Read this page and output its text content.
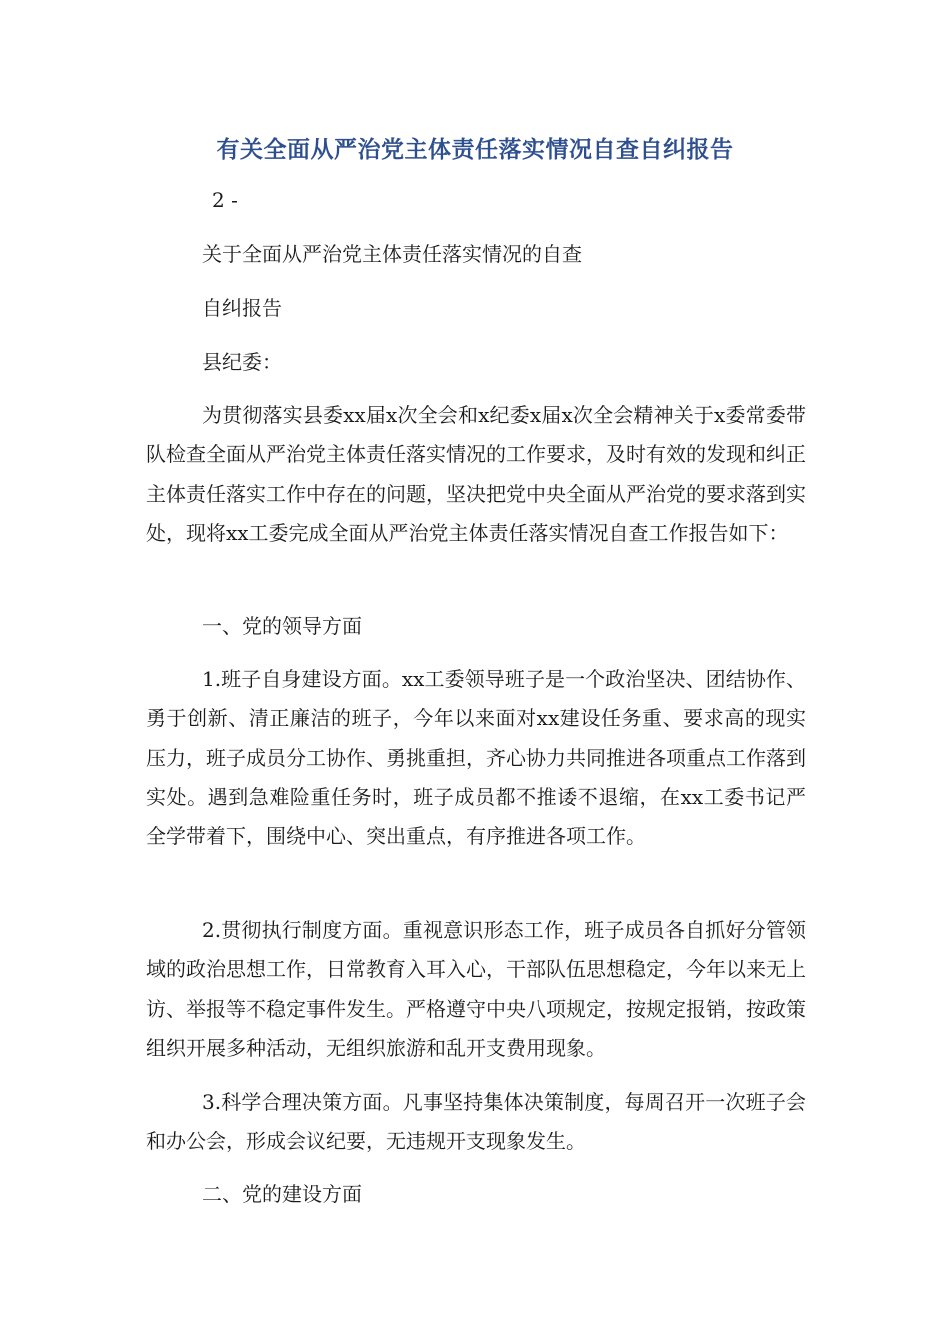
有关全面从严治党主体责任落实情况自查自纠报告

2 -

关于全面从严治党主体责任落实情况的自查

自纠报告

县纪委：

为贯彻落实县委xx届x次全会和x纪委x届x次全会精神关于x委常委带队检查全面从严治党主体责任落实情况的工作要求，及时有效的发现和纠正主体责任落实工作中存在的问题，坚决把党中央全面从严治党的要求落到实处，现将xx工委完成全面从严治党主体责任落实情况自查工作报告如下：

一、党的领导方面

1.班子自身建设方面。xx工委领导班子是一个政治坚决、团结协作、勇于创新、清正廉洁的班子，今年以来面对xx建设任务重、要求高的现实压力，班子成员分工协作、勇挑重担，齐心协力共同推进各项重点工作落到实处。遇到急难险重任务时，班子成员都不推诿不退缩，在xx工委书记严全学带着下，围绕中心、突出重点，有序推进各项工作。

2.贯彻执行制度方面。重视意识形态工作，班子成员各自抓好分管领域的政治思想工作，日常教育入耳入心，干部队伍思想稳定，今年以来无上访、举报等不稳定事件发生。严格遵守中央八项规定，按规定报销，按政策组织开展多种活动，无组织旅游和乱开支费用现象。

3.科学合理决策方面。凡事坚持集体决策制度，每周召开一次班子会和办公会，形成会议纪要，无违规开支现象发生。

二、党的建设方面
